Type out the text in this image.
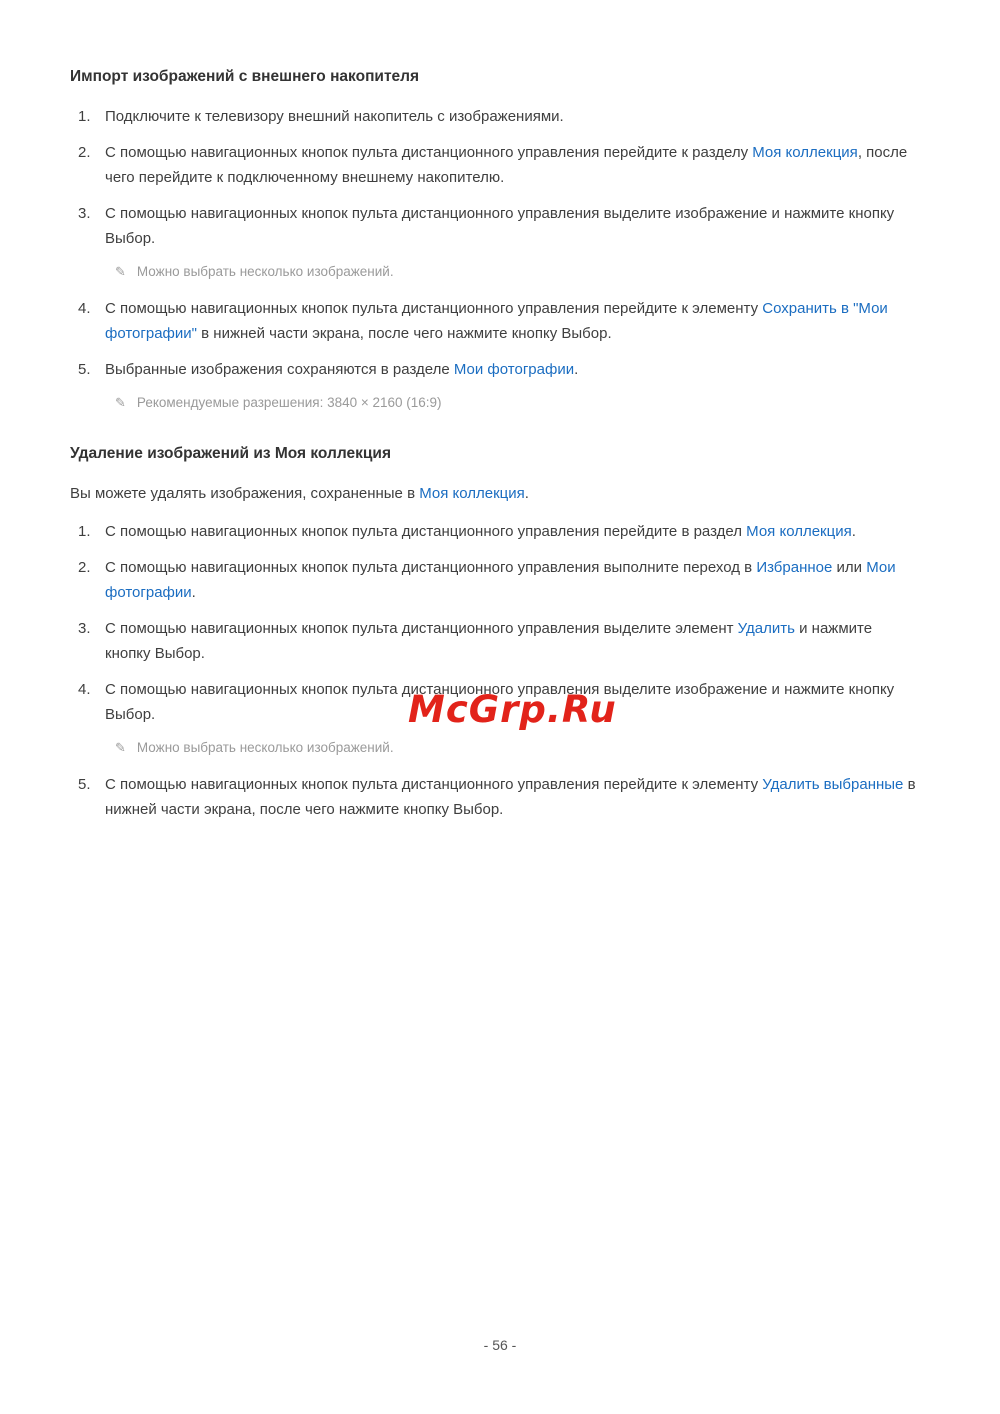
Импорт изображений с внешнего накопителя
1. Подключите к телевизору внешний накопитель с изображениями.
2. С помощью навигационных кнопок пульта дистанционного управления перейдите к разделу Моя коллекция, после чего перейдите к подключенному внешнему накопителю.
3. С помощью навигационных кнопок пульта дистанционного управления выделите изображение и нажмите кнопку Выбор.
✎ Можно выбрать несколько изображений.
4. С помощью навигационных кнопок пульта дистанционного управления перейдите к элементу Сохранить в "Мои фотографии" в нижней части экрана, после чего нажмите кнопку Выбор.
5. Выбранные изображения сохраняются в разделе Мои фотографии.
✎ Рекомендуемые разрешения: 3840 × 2160 (16:9)
Удаление изображений из Моя коллекция

Вы можете удалять изображения, сохраненные в Моя коллекция.

1. С помощью навигационных кнопок пульта дистанционного управления перейдите в раздел Моя коллекция.
2. С помощью навигационных кнопок пульта дистанционного управления выполните переход в Избранное или Мои фотографии.
3. С помощью навигационных кнопок пульта дистанционного управления выделите элемент Удалить и нажмите кнопку Выбор.
4. С помощью навигационных кнопок пульта дистанционного управления выделите изображение и нажмите кнопку Выбор.
✎ Можно выбрать несколько изображений.
5. С помощью навигационных кнопок пульта дистанционного управления перейдите к элементу Удалить выбранные в нижней части экрана, после чего нажмите кнопку Выбор.
McGrp.Ru
- 56 -
